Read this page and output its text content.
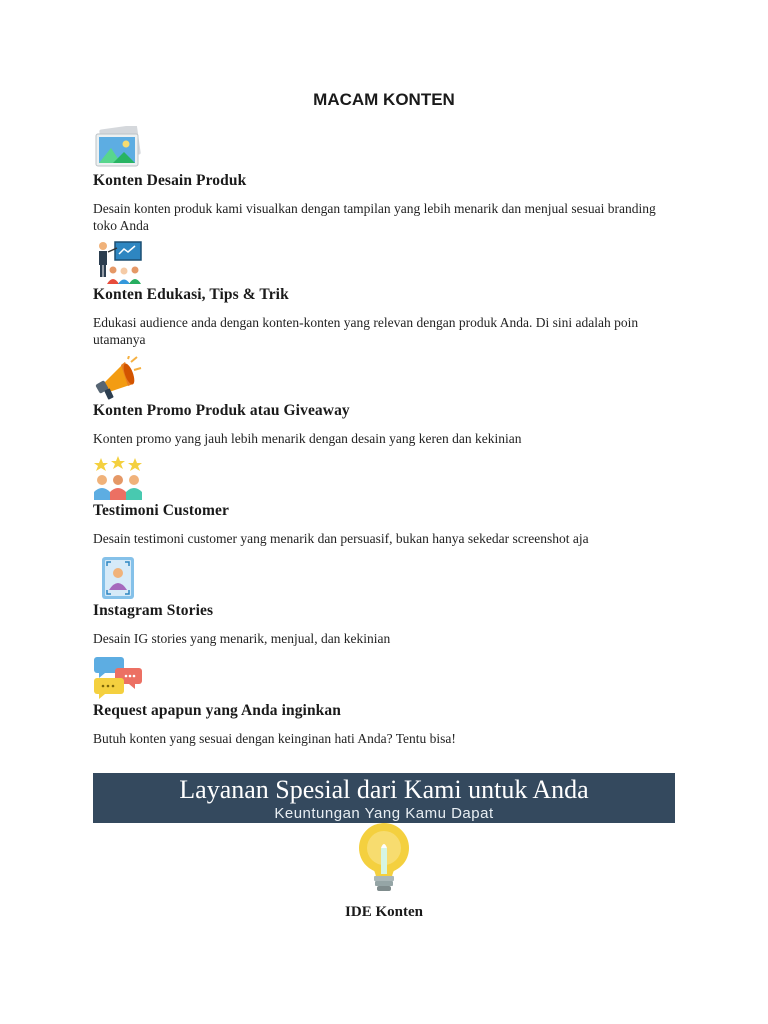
MACAM KONTEN
Konten Desain Produk
Desain konten produk kami visualkan dengan tampilan yang lebih menarik dan menjual sesuai branding toko Anda
Konten Edukasi, Tips & Trik
Edukasi audience anda dengan konten-konten yang relevan dengan produk Anda. Di sini adalah poin utamanya
Konten Promo Produk atau Giveaway
Konten promo yang jauh lebih menarik dengan desain yang keren dan kekinian
Testimoni Customer
Desain testimoni customer yang menarik dan persuasif, bukan hanya sekedar screenshot aja
Instagram Stories
Desain IG stories yang menarik, menjual, dan kekinian
Request apapun yang Anda inginkan
Butuh konten yang sesuai dengan keinginan hati Anda? Tentu bisa!
Layanan Spesial dari Kami untuk Anda
Keuntungan Yang Kamu Dapat
IDE Konten
